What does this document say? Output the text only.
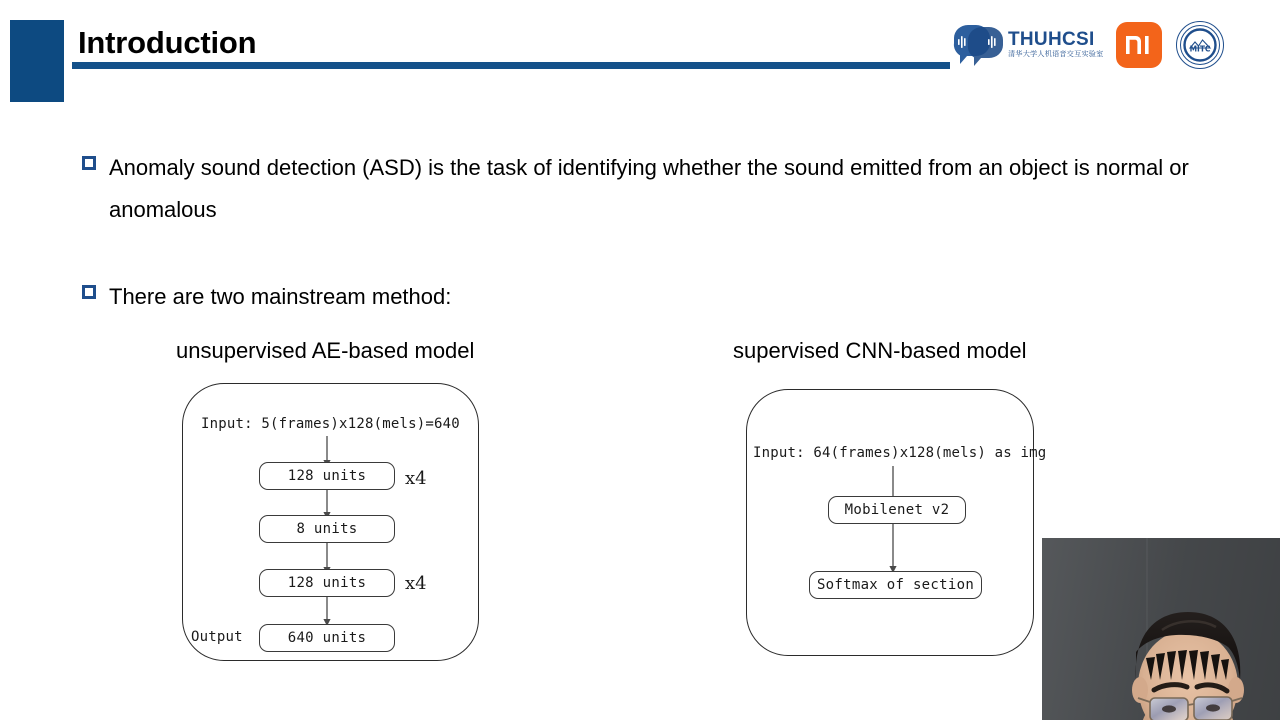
Introduction	THUHCSI
清华大学人机语音交互实验室
MITC
Anomaly sound detection (ASD) is the task of identifying whether the sound emitted from an object is normal or anomalous
There are two mainstream method:
unsupervised AE-based model	supervised CNN-based model
Input: 5(frames)x128(mels)=640
128 units	x4
8 units
128 units	x4
Output	640 units
Input: 64(frames)x128(mels) as img
Mobilenet v2
Softmax of section
